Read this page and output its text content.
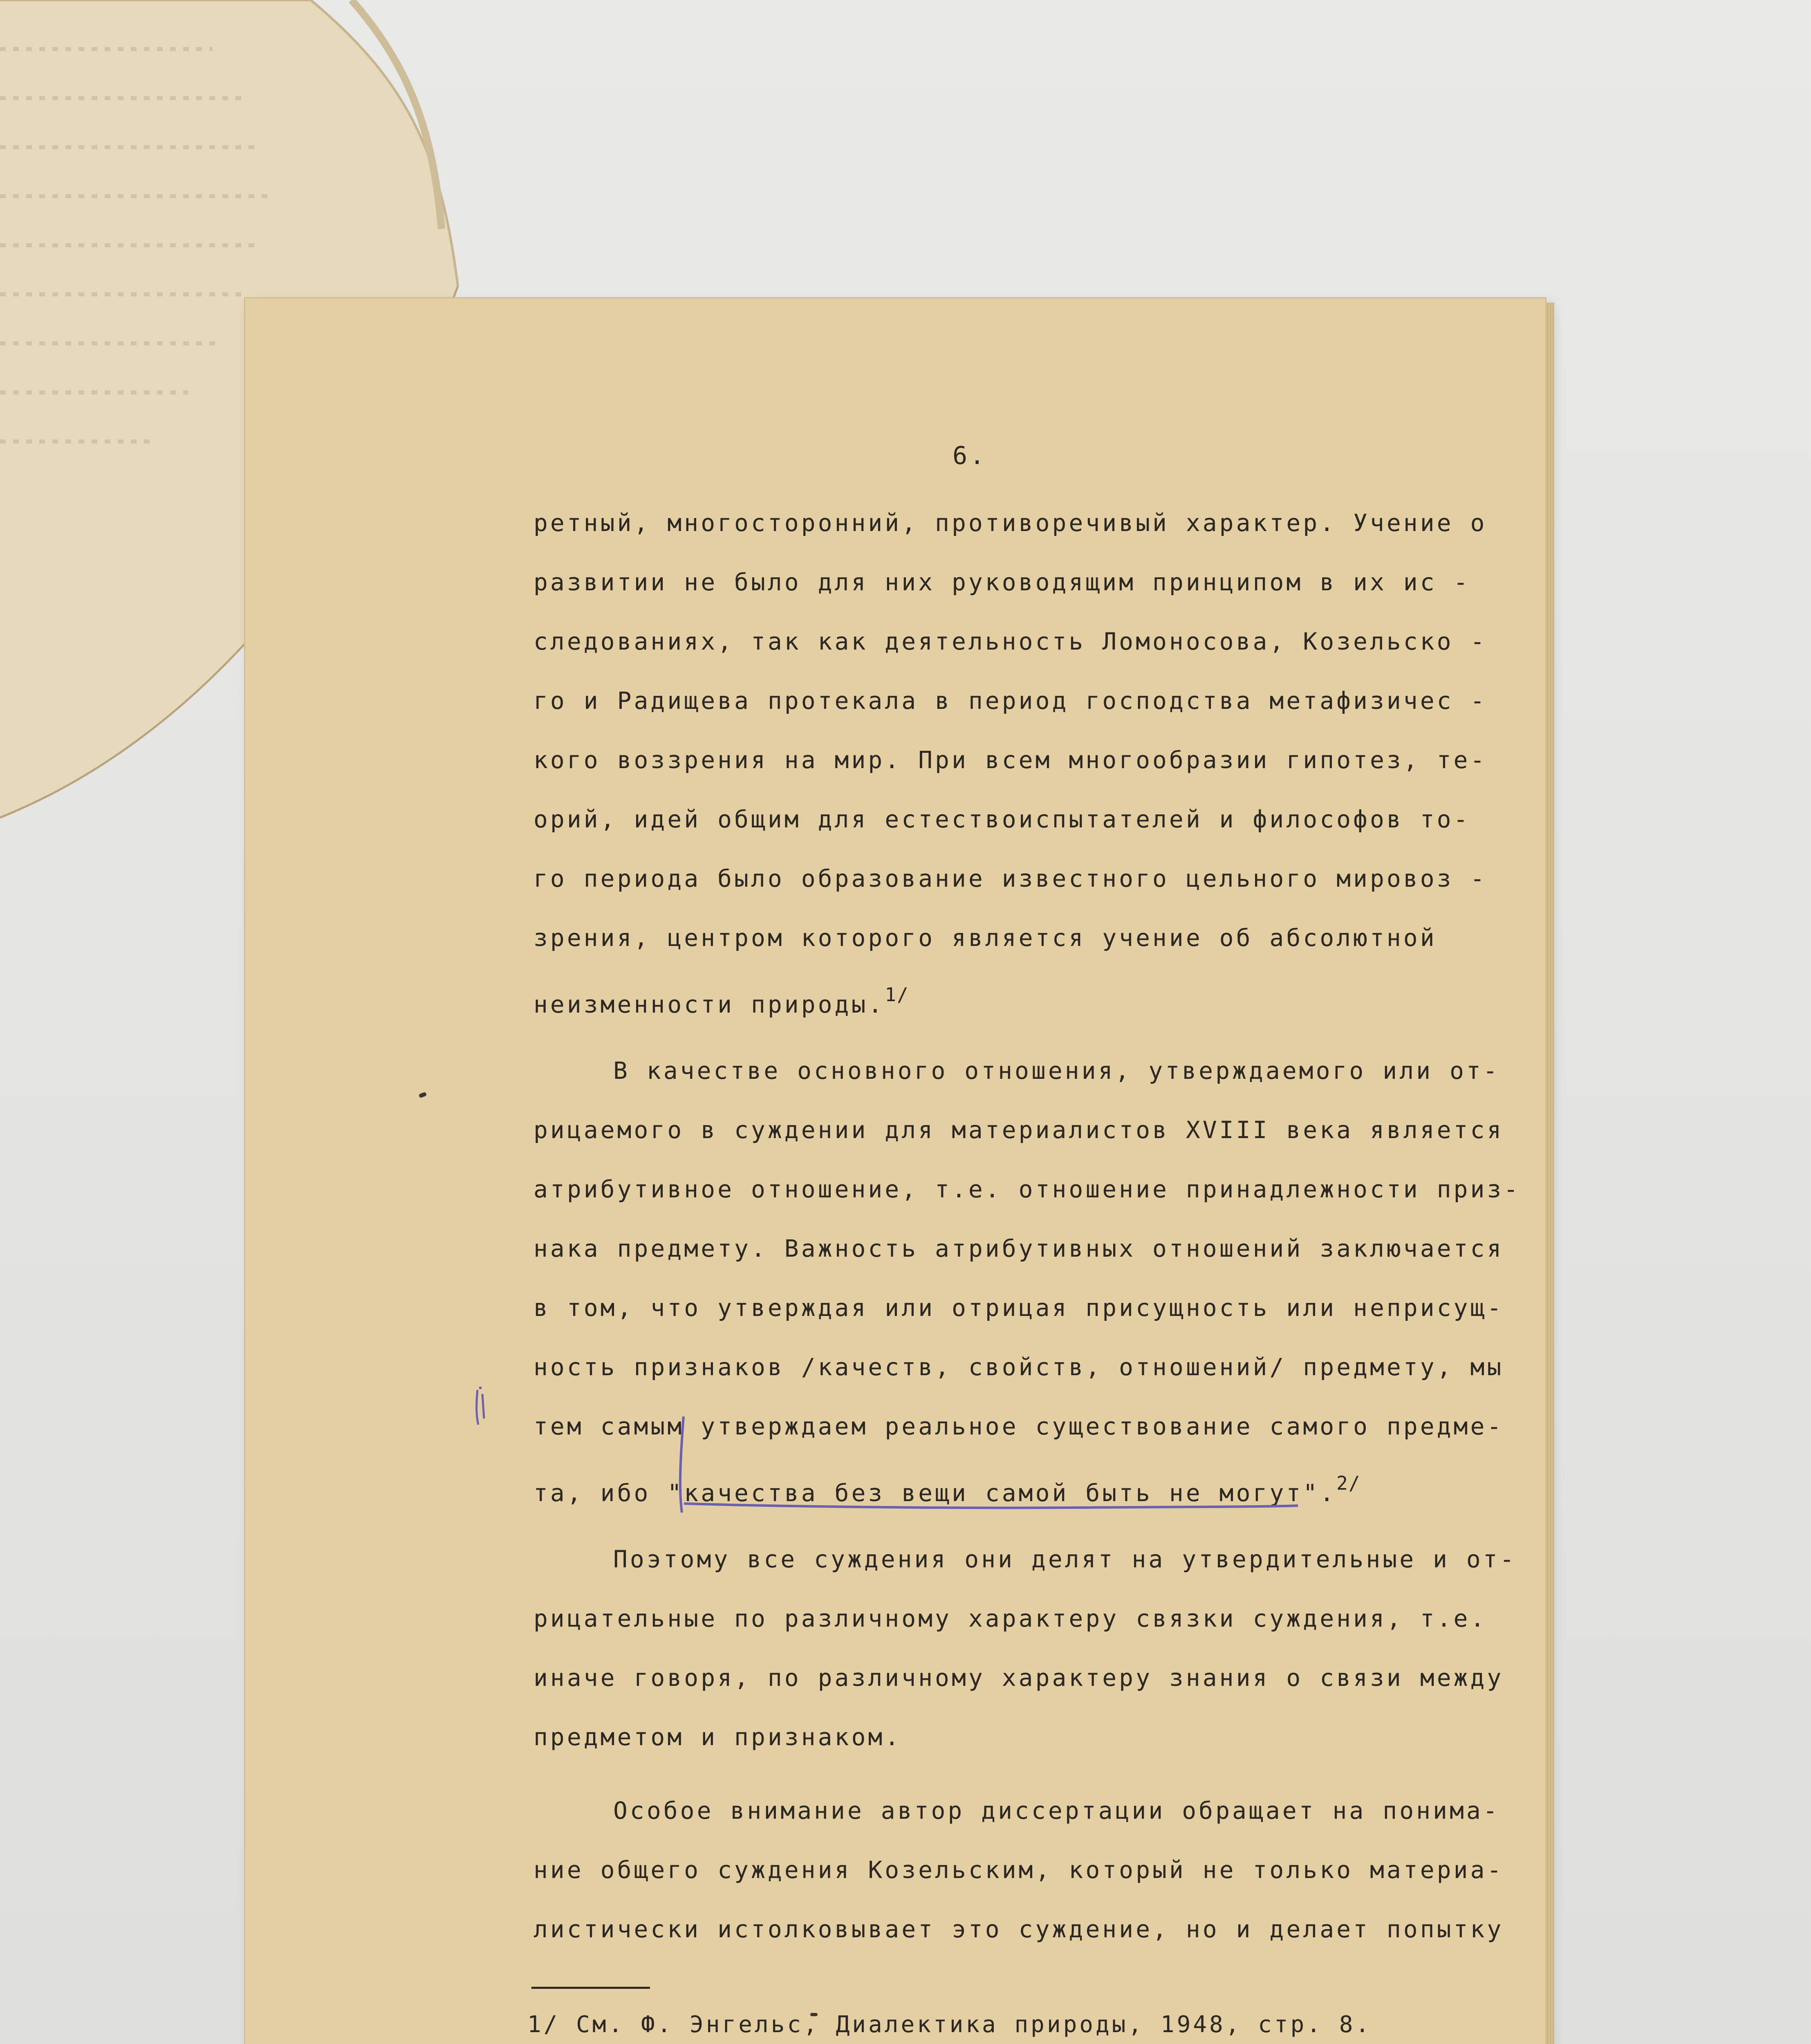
6.
ретный, многосторонний, противоречивый характер. Учение о
развитии не было для них руководящим принципом в их ис -
следованиях, так как деятельность Ломоносова, Козельско -
го и Радищева протекала в период господства метафизичес -
кого воззрения на мир. При всем многообразии гипотез, те-
орий, идей общим для естествоиспытателей и философов то-
го периода было образование известного цельного мировоз -
зрения, центром которого является учение об абсолютной
неизменности природы.$^{1/}$
В качестве основного отношения, утверждаемого или от-
рицаемого в суждении для материалистов XVIII века является
атрибутивное отношение, т.е. отношение принадлежности приз-
нака предмету. Важность атрибутивных отношений заключается
в том, что утверждая или отрицая присущность или неприсущ-
ность признаков /качеств, свойств, отношений/ предмету, мы
тем самым утверждаем реальное существование самого предме-
та, ибо "качества без вещи самой быть не могут".$^{2/}$
Поэтому все суждения они делят на утвердительные и от-
рицательные по различному характеру связки суждения, т.е.
иначе говоря, по различному характеру знания о связи между
предметом и признаком.
Особое внимание автор диссертации обращает на понима-
ние общего суждения Козельским, который не только материа-
листически истолковывает это суждение, но и делает попытку
1/ См. Ф. Энгельс, Диалектика природы, 1948, стр. 8.
